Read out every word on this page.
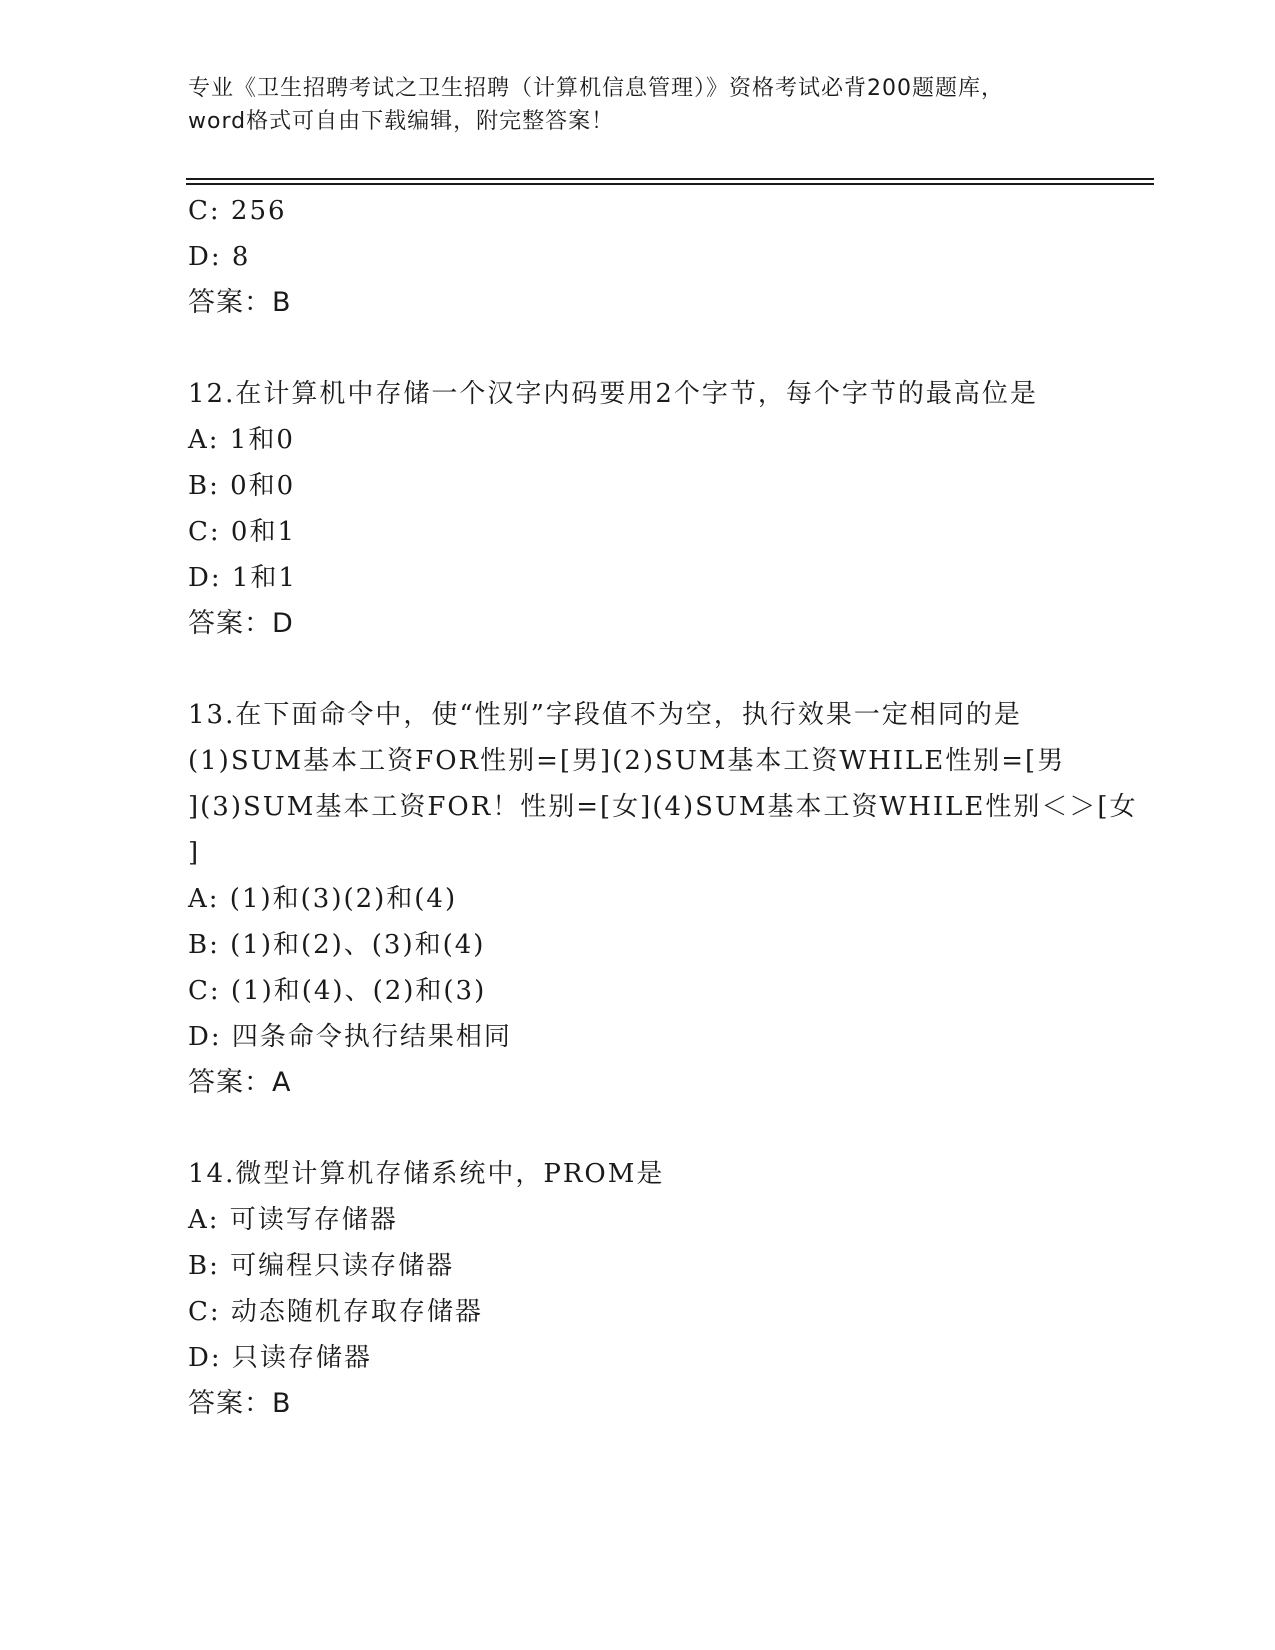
专业《卫生招聘考试之卫生招聘（计算机信息管理）》资格考试必背200题题库，
word格式可自由下载编辑，附完整答案！
C: 256
D: 8
答案：B
12.在计算机中存储一个汉字内码要用2个字节，每个字节的最高位是
A: 1和0
B: 0和0
C: 0和1
D: 1和1
答案：D
13.在下面命令中，使“性别”字段值不为空，执行效果一定相同的是
(1)SUM基本工资FOR性别=[男](2)SUM基本工资WHILE性别=[男
](3)SUM基本工资FOR！性别=[女](4)SUM基本工资WHILE性别＜＞[女
]
A: (1)和(3)(2)和(4)
B: (1)和(2)、(3)和(4)
C: (1)和(4)、(2)和(3)
D: 四条命令执行结果相同
答案：A
14.微型计算机存储系统中，PROM是
A: 可读写存储器
B: 可编程只读存储器
C: 动态随机存取存储器
D: 只读存储器
答案：B
